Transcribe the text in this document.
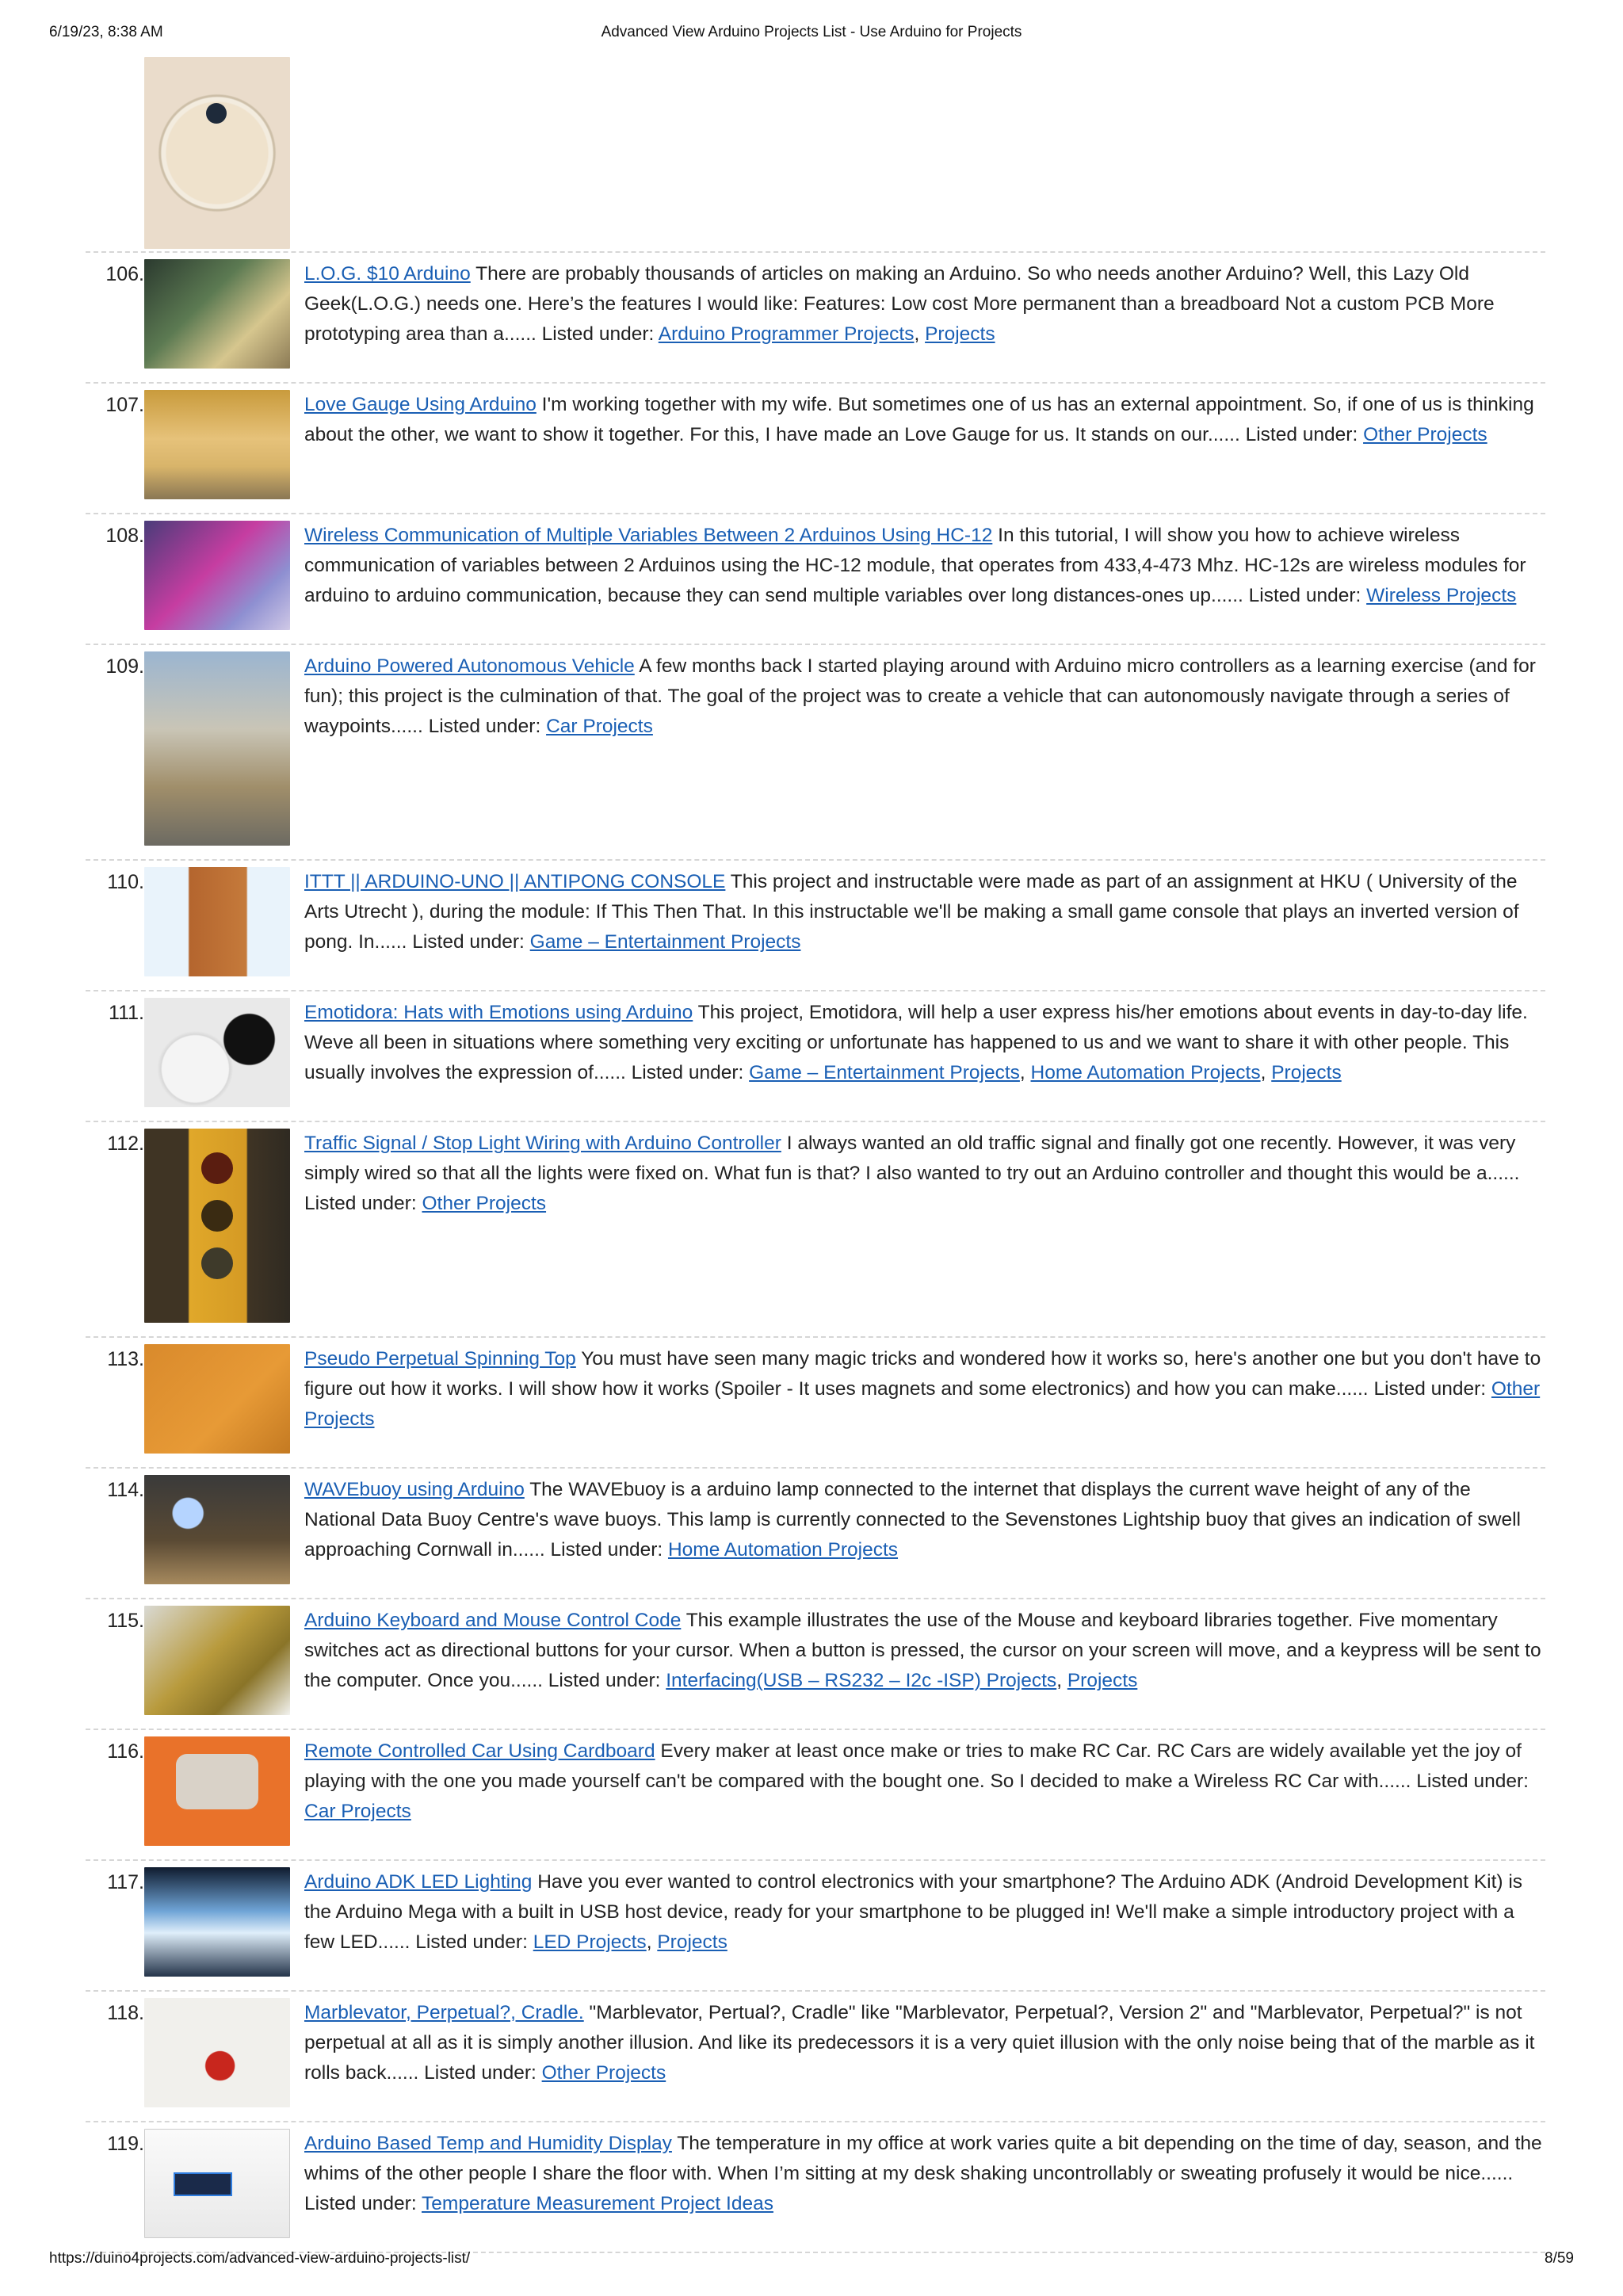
6/19/23, 8:38 AM	Advanced View Arduino Projects List - Use Arduino for Projects
106.	L.O.G. $10 Arduino There are probably thousands of articles on making an Arduino. So who needs another Arduino? Well, this Lazy Old Geek(L.O.G.) needs one. Here’s the features I would like: Features: Low cost More permanent than a breadboard Not a custom PCB More prototyping area than a...... Listed under: Arduino Programmer Projects, Projects
107.	Love Gauge Using Arduino I'm working together with my wife. But sometimes one of us has an external appointment. So, if one of us is thinking about the other, we want to show it together. For this, I have made an Love Gauge for us. It stands on our...... Listed under: Other Projects
108.	Wireless Communication of Multiple Variables Between 2 Arduinos Using HC-12 In this tutorial, I will show you how to achieve wireless communication of variables between 2 Arduinos using the HC-12 module, that operates from 433,4-473 Mhz. HC-12s are wireless modules for arduino to arduino communication, because they can send multiple variables over long distances-ones up...... Listed under: Wireless Projects
109.	Arduino Powered Autonomous Vehicle A few months back I started playing around with Arduino micro controllers as a learning exercise (and for fun); this project is the culmination of that. The goal of the project was to create a vehicle that can autonomously navigate through a series of waypoints...... Listed under: Car Projects
110.	ITTT || ARDUINO-UNO || ANTIPONG CONSOLE This project and instructable were made as part of an assignment at HKU ( University of the Arts Utrecht ), during the module: If This Then That. In this instructable we'll be making a small game console that plays an inverted version of pong. In...... Listed under: Game – Entertainment Projects
111.	Emotidora: Hats with Emotions using Arduino This project, Emotidora, will help a user express his/her emotions about events in day-to-day life. Weve all been in situations where something very exciting or unfortunate has happened to us and we want to share it with other people. This usually involves the expression of...... Listed under: Game – Entertainment Projects, Home Automation Projects, Projects
112.	Traffic Signal / Stop Light Wiring with Arduino Controller I always wanted an old traffic signal and finally got one recently. However, it was very simply wired so that all the lights were fixed on. What fun is that? I also wanted to try out an Arduino controller and thought this would be a...... Listed under: Other Projects
113.	Pseudo Perpetual Spinning Top You must have seen many magic tricks and wondered how it works so, here's another one but you don't have to figure out how it works. I will show how it works (Spoiler - It uses magnets and some electronics) and how you can make...... Listed under: Other Projects
114.	WAVEbuoy using Arduino The WAVEbuoy is a arduino lamp connected to the internet that displays the current wave height of any of the National Data Buoy Centre's wave buoys. This lamp is currently connected to the Sevenstones Lightship buoy that gives an indication of swell approaching Cornwall in...... Listed under: Home Automation Projects
115.	Arduino Keyboard and Mouse Control Code This example illustrates the use of the Mouse and keyboard libraries together. Five momentary switches act as directional buttons for your cursor. When a button is pressed, the cursor on your screen will move, and a keypress will be sent to the computer. Once you...... Listed under: Interfacing(USB – RS232 – I2c -ISP) Projects, Projects
116.	Remote Controlled Car Using Cardboard Every maker at least once make or tries to make RC Car. RC Cars are widely available yet the joy of playing with the one you made yourself can't be compared with the bought one. So I decided to make a Wireless RC Car with...... Listed under: Car Projects
117.	Arduino ADK LED Lighting Have you ever wanted to control electronics with your smartphone? The Arduino ADK (Android Development Kit) is the Arduino Mega with a built in USB host device, ready for your smartphone to be plugged in! We'll make a simple introductory project with a few LED...... Listed under: LED Projects, Projects
118.	Marblevator, Perpetual?, Cradle. "Marblevator, Pertual?, Cradle" like "Marblevator, Perpetual?, Version 2" and "Marblevator, Perpetual?" is not perpetual at all as it is simply another illusion. And like its predecessors it is a very quiet illusion with the only noise being that of the marble as it rolls back...... Listed under: Other Projects
119.	Arduino Based Temp and Humidity Display The temperature in my office at work varies quite a bit depending on the time of day, season, and the whims of the other people I share the floor with. When I’m sitting at my desk shaking uncontrollably or sweating profusely it would be nice...... Listed under: Temperature Measurement Project Ideas
https://duino4projects.com/advanced-view-arduino-projects-list/	8/59
